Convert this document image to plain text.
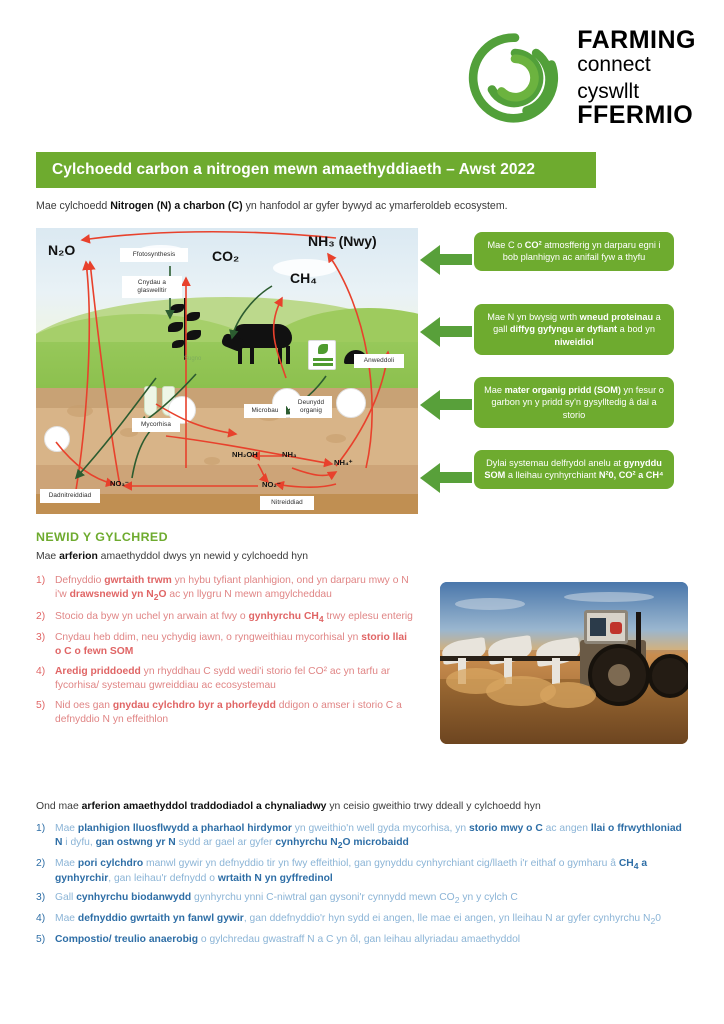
FARMING
connect
cyswllt
FFERMIO
Cylchoedd carbon a nitrogen mewn amaethyddiaeth – Awst 2022
Mae cylchoedd Nitrogen (N) a charbon (C) yn hanfodol ar gyfer bywyd ac ymarferoldeb ecosystem.
N₂O	Ffotosynthesis
Cnydau a glaswelltir
CO₂
CH₄
NH₃ (Nwy)
Anweddoli
Mycorhisa
Microbau
Deunydd organig
NH₂OH	NH₃
NH₄⁺
NO₃⁻	NO₂⁻
Dadnitreiddiad
Nitreiddiad
Sugno
Mae C o CO² atmosfferig yn darparu egni i bob planhigyn ac anifail fyw a thyfu
Mae N yn bwysig wrth wneud proteinau a gall diffyg gyfyngu ar dyfiant a bod yn niweidiol
Mae mater organig pridd (SOM) yn fesur o garbon yn y pridd sy'n gysylltedig â dal a storio
Dylai systemau delfrydol anelu at gynyddu SOM a lleihau cynhyrchiant N²0, CO² a CH⁴
NEWID Y GYLCHRED
Mae arferion amaethyddol dwys yn newid y cylchoedd hyn
1) Defnyddio gwrtaith trwm yn hybu tyfiant planhigion, ond yn darparu mwy o N i'w drawsnewid yn $N_2O$ ac yn llygru N mewn amgylcheddau
2) Stocio da byw yn uchel yn arwain at fwy o gynhyrchu $CH_4$ trwy eplesu enterig
3) Cnydau heb ddim, neu ychydig iawn, o ryngweithiau mycorhisal yn storio llai o C o fewn SOM
4) Aredig priddoedd yn rhyddhau C sydd wedi'i storio fel CO² ac yn tarfu ar fycorhisa/ systemau gwreiddiau ac ecosystemau
5) Nid oes gan gnydau cylchdro byr a phorfeydd ddigon o amser i storio C a defnyddio N yn effeithlon
Ond mae arferion amaethyddol traddodiadol a chynaliadwy yn ceisio gweithio trwy ddeall y cylchoedd hyn
1) Mae planhigion lluosflwydd a pharhaol hirdymor yn gweithio'n well gyda mycorhisa, yn storio mwy o C ac angen llai o ffrwythloniad N i dyfu, gan ostwng yr N sydd ar gael ar gyfer cynhyrchu $N_2O$ microbaidd
2) Mae pori cylchdro manwl gywir yn defnyddio tir yn fwy effeithiol, gan gynyddu cynhyrchiant cig/llaeth i'r eithaf o gymharu â $CH_4$ a gynhyrchir, gan leihau'r defnydd o wrtaith N yn gyffredinol
3) Gall cynhyrchu biodanwydd gynhyrchu ynni C-niwtral gan gysoni'r cynnydd mewn $CO_2$ yn y cylch C
4) Mae defnyddio gwrtaith yn fanwl gywir, gan ddefnyddio'r hyn sydd ei angen, lle mae ei angen, yn lleihau N ar gyfer cynhyrchu $N_20$
5) Compostio/ treulio anaerobig o gylchredau gwastraff N a C yn ôl, gan leihau allyriadau amaethyddol
